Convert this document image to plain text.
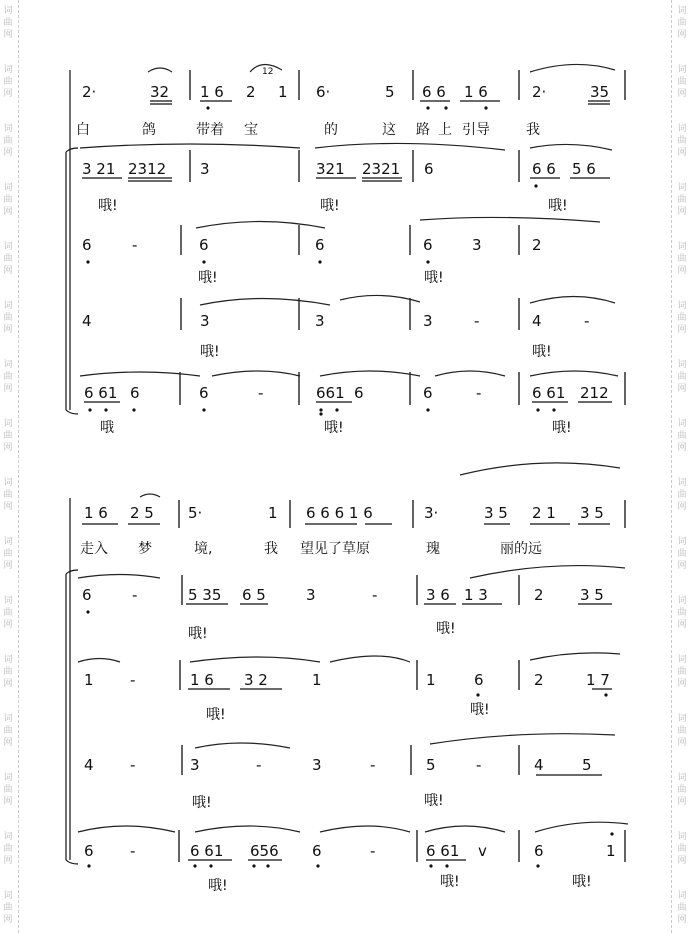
词
曲
网
词
曲
网
词
曲
网
词
曲
网
词
曲
网
词
曲
网
词
曲
网
词
曲
网
词
曲
网
词
曲
网
词
曲
网
词
曲
网
词
曲
网
词
曲
网
词
曲
网
词
曲
网
词
曲
网
词
曲
网
词
曲
网
词
曲
网
词
曲
网
词
曲
网
词
曲
网
词
曲
网
词
曲
网
词
曲
网
词
曲
网
词
曲
网
词
曲
网
词
曲
网
词
曲
网
词
曲
网
2·	32 1 6 2
12
1 6·	5 6 6 1 6	2·	35
白	鸽	带着 宝	的	这 路 上 引导	我
3 21 2312 3	321 2321 6	6 6 5 6
哦!	哦!	哦!
6	-	6	6	6	3	2
哦!	哦!
4	3	3	3	-	4	-
哦!	哦!
6 61 6	6	-	661 6	6	-	6 61 212
哦	哦!	哦!
1 6 2 5 5·	1 6 6 6 1 6	3·	3 5 2 1 3 5
走入 梦	境,	我 望见了草原	瑰	丽的远
6	-	5 35 6 5	3	-	3 6 1 3	2 3 5
哦!	哦!
1 -	1 6 3 2	1	1	6	2	1 7
哦!	哦!
4 -	3	-	3	-	5	-	4	5
哦!	哦!
6 -	6 61 656 6	-	6 61 v	6	1
哦!	哦!	哦!
